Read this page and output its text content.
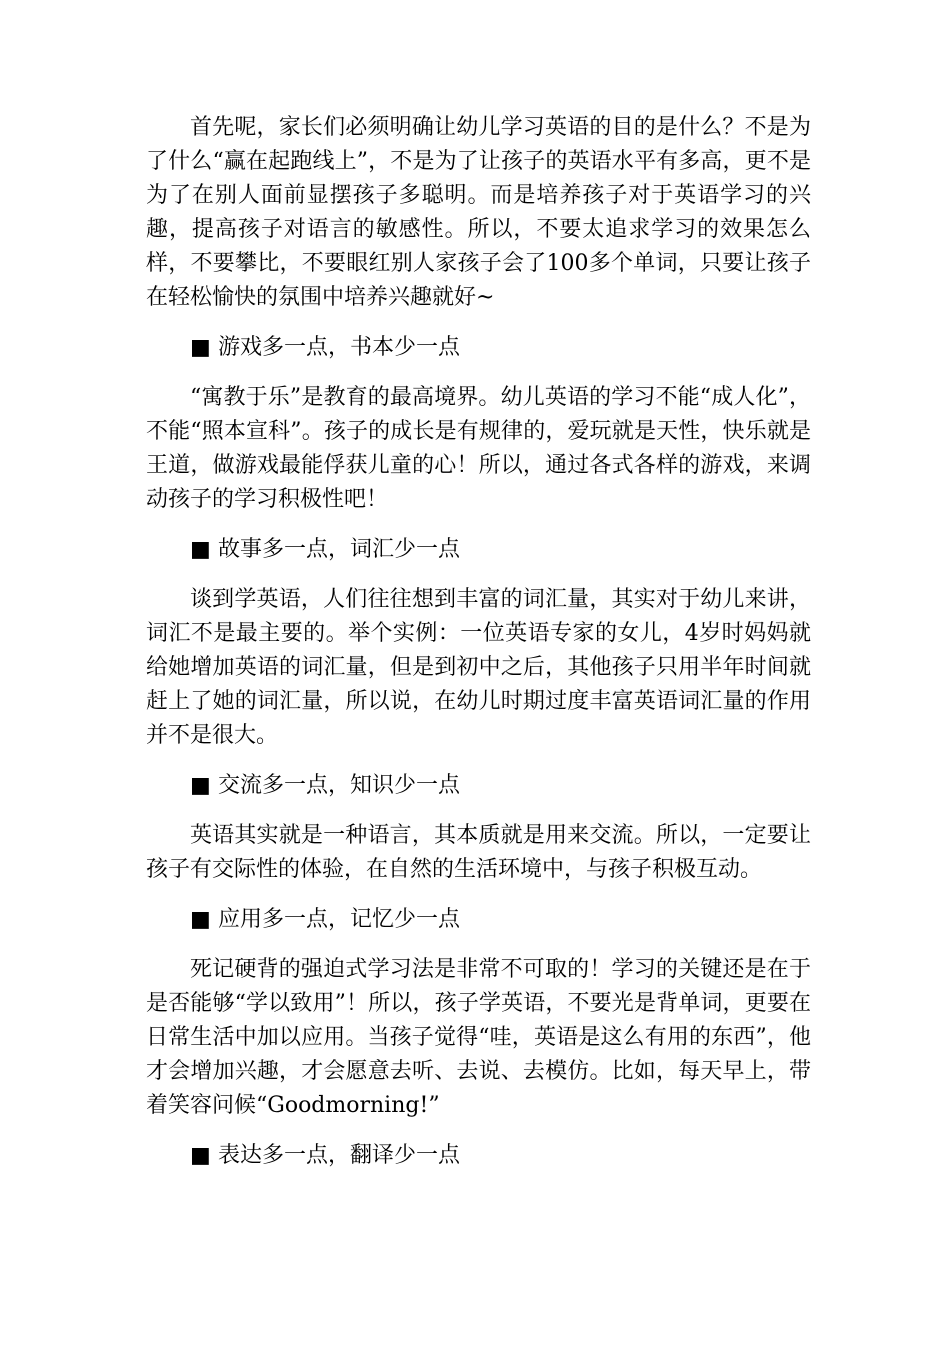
首先呢，家长们必须明确让幼儿学习英语的目的是什么？不是为了什么“赢在起跑线上”，不是为了让孩子的英语水平有多高，更不是为了在别人面前显摆孩子多聪明。而是培养孩子对于英语学习的兴趣，提高孩子对语言的敏感性。所以，不要太追求学习的效果怎么样，不要攀比，不要眼红别人家孩子会了100多个单词，只要让孩子在轻松愉快的氛围中培养兴趣就好~

■ 游戏多一点，书本少一点

“寓教于乐”是教育的最高境界。幼儿英语的学习不能“成人化”，不能“照本宣科”。孩子的成长是有规律的，爱玩就是天性，快乐就是王道，做游戏最能俘获儿童的心！所以，通过各式各样的游戏，来调动孩子的学习积极性吧！

■ 故事多一点，词汇少一点

谈到学英语，人们往往想到丰富的词汇量，其实对于幼儿来讲，词汇不是最主要的。举个实例：一位英语专家的女儿，4岁时妈妈就给她增加英语的词汇量，但是到初中之后，其他孩子只用半年时间就赶上了她的词汇量，所以说，在幼儿时期过度丰富英语词汇量的作用并不是很大。

■ 交流多一点，知识少一点

英语其实就是一种语言，其本质就是用来交流。所以，一定要让孩子有交际性的体验，在自然的生活环境中，与孩子积极互动。

■ 应用多一点，记忆少一点

死记硬背的强迫式学习法是非常不可取的！学习的关键还是在于是否能够“学以致用”！所以，孩子学英语，不要光是背单词，更要在日常生活中加以应用。当孩子觉得“哇，英语是这么有用的东西”，他才会增加兴趣，才会愿意去听、去说、去模仿。比如，每天早上，带着笑容问候“Goodmorning!”

■ 表达多一点，翻译少一点
